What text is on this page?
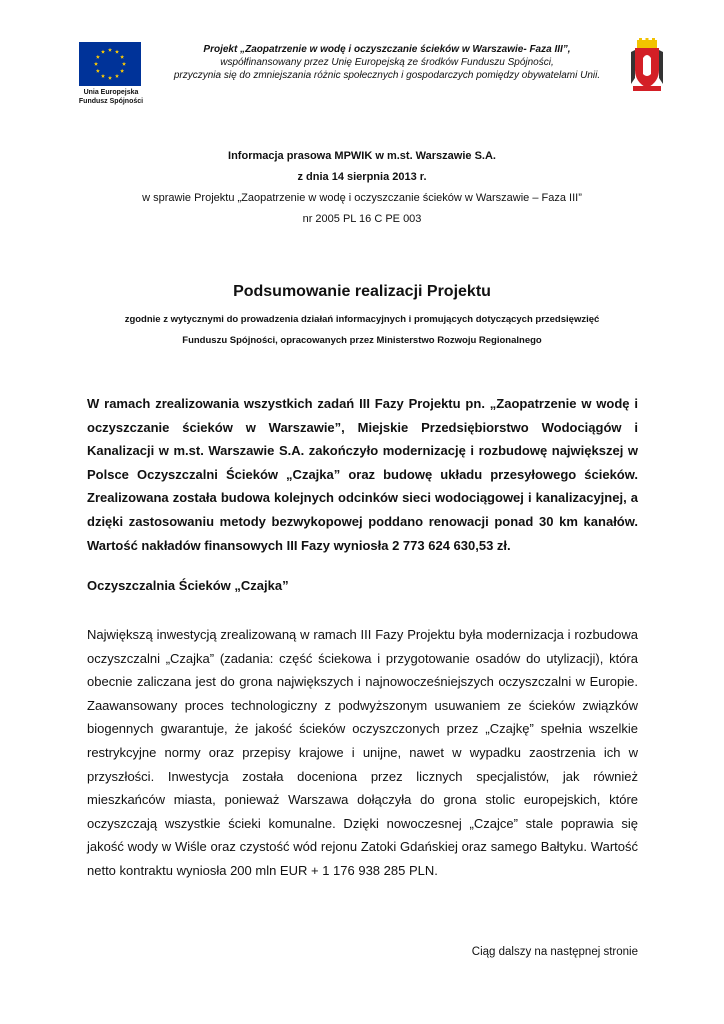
Unia Europejska
Fundusz Spójności
Projekt „Zaopatrzenie w wodę i oczyszczanie ścieków w Warszawie- Faza III”,
współfinansowany przez Unię Europejską ze środków Funduszu Spójności,
przyczynia się do zmniejszania różnic społecznych i gospodarczych pomiędzy obywatelami Unii.
Informacja prasowa MPWIK w m.st. Warszawie S.A.
z dnia 14 sierpnia 2013 r.
w sprawie Projektu „Zaopatrzenie w wodę i oczyszczanie ścieków w Warszawie – Faza III”
nr 2005 PL 16 C PE 003
Podsumowanie realizacji Projektu
zgodnie z wytycznymi do prowadzenia działań informacyjnych i promujących dotyczących przedsięwzięć
Funduszu Spójności, opracowanych przez Ministerstwo Rozwoju Regionalnego

W ramach zrealizowania wszystkich zadań III Fazy Projektu pn. „Zaopatrzenie w wodę i oczyszczanie ścieków w Warszawie”, Miejskie Przedsiębiorstwo Wodociągów i Kanalizacji w m.st. Warszawie S.A. zakończyło modernizację i rozbudowę największej w Polsce Oczyszczalni Ścieków „Czajka” oraz budowę układu przesyłowego ścieków. Zrealizowana została budowa kolejnych odcinków sieci wodociągowej i kanalizacyjnej, a dzięki zastosowaniu metody bezwykopowej poddano renowacji ponad 30 km kanałów. Wartość nakładów finansowych III Fazy wyniosła 2 773 624 630,53 zł.

Oczyszczalnia Ścieków „Czajka”

Największą inwestycją zrealizowaną w ramach III Fazy Projektu była modernizacja i rozbudowa oczyszczalni „Czajka” (zadania: część ściekowa i przygotowanie osadów do utylizacji), która obecnie zaliczana jest do grona największych i najnowocześniejszych oczyszczalni w Europie. Zaawansowany proces technologiczny z podwyższonym usuwaniem ze ścieków związków biogennych gwarantuje, że jakość ścieków oczyszczonych przez „Czajkę” spełnia wszelkie restrykcyjne normy oraz przepisy krajowe i unijne, nawet w wypadku zaostrzenia ich w przyszłości. Inwestycja została doceniona przez licznych specjalistów, jak również mieszkańców miasta, ponieważ Warszawa dołączyła do grona stolic europejskich, które oczyszczają wszystkie ścieki komunalne. Dzięki nowoczesnej „Czajce” stale poprawia się jakość wody w Wiśle oraz czystość wód rejonu Zatoki Gdańskiej oraz samego Bałtyku. Wartość netto kontraktu wyniosła 200 mln EUR + 1 176 938 285 PLN.

Ciąg dalszy na następnej stronie
